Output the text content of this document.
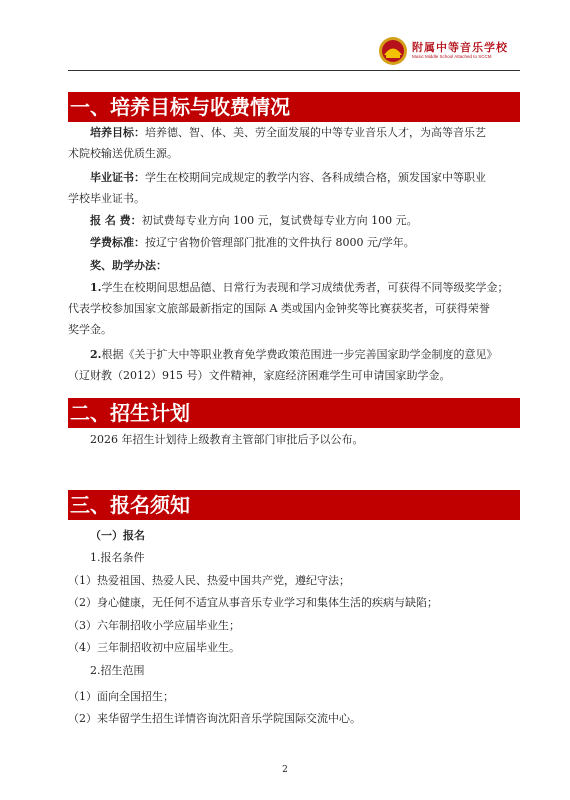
附属中等音乐学校
Music Middle School Attached to SCCM
一、培养目标与收费情况
培养目标：培养德、智、体、美、劳全面发展的中等专业音乐人才，为高等音乐艺
术院校输送优质生源。
毕业证书：学生在校期间完成规定的教学内容、各科成绩合格，颁发国家中等职业
学校毕业证书。
报 名 费：初试费每专业方向 100 元，复试费每专业方向 100 元。
学费标准：按辽宁省物价管理部门批准的文件执行 8000 元/学年。
奖、助学办法：
1.学生在校期间思想品德、日常行为表现和学习成绩优秀者，可获得不同等级奖学金；
代表学校参加国家文旅部最新指定的国际 A 类或国内金钟奖等比赛获奖者，可获得荣誉
奖学金。
2.根据《关于扩大中等职业教育免学费政策范围进一步完善国家助学金制度的意见》
（辽财教（2012）915 号）文件精神，家庭经济困难学生可申请国家助学金。
二、招生计划
2026 年招生计划待上级教育主管部门审批后予以公布。
三、报名须知
（一）报名
1.报名条件
（1）热爱祖国、热爱人民、热爱中国共产党，遵纪守法；
（2）身心健康，无任何不适宜从事音乐专业学习和集体生活的疾病与缺陷；
（3）六年制招收小学应届毕业生；
（4）三年制招收初中应届毕业生。
2.招生范围
（1）面向全国招生；
（2）来华留学生招生详情咨询沈阳音乐学院国际交流中心。
2
